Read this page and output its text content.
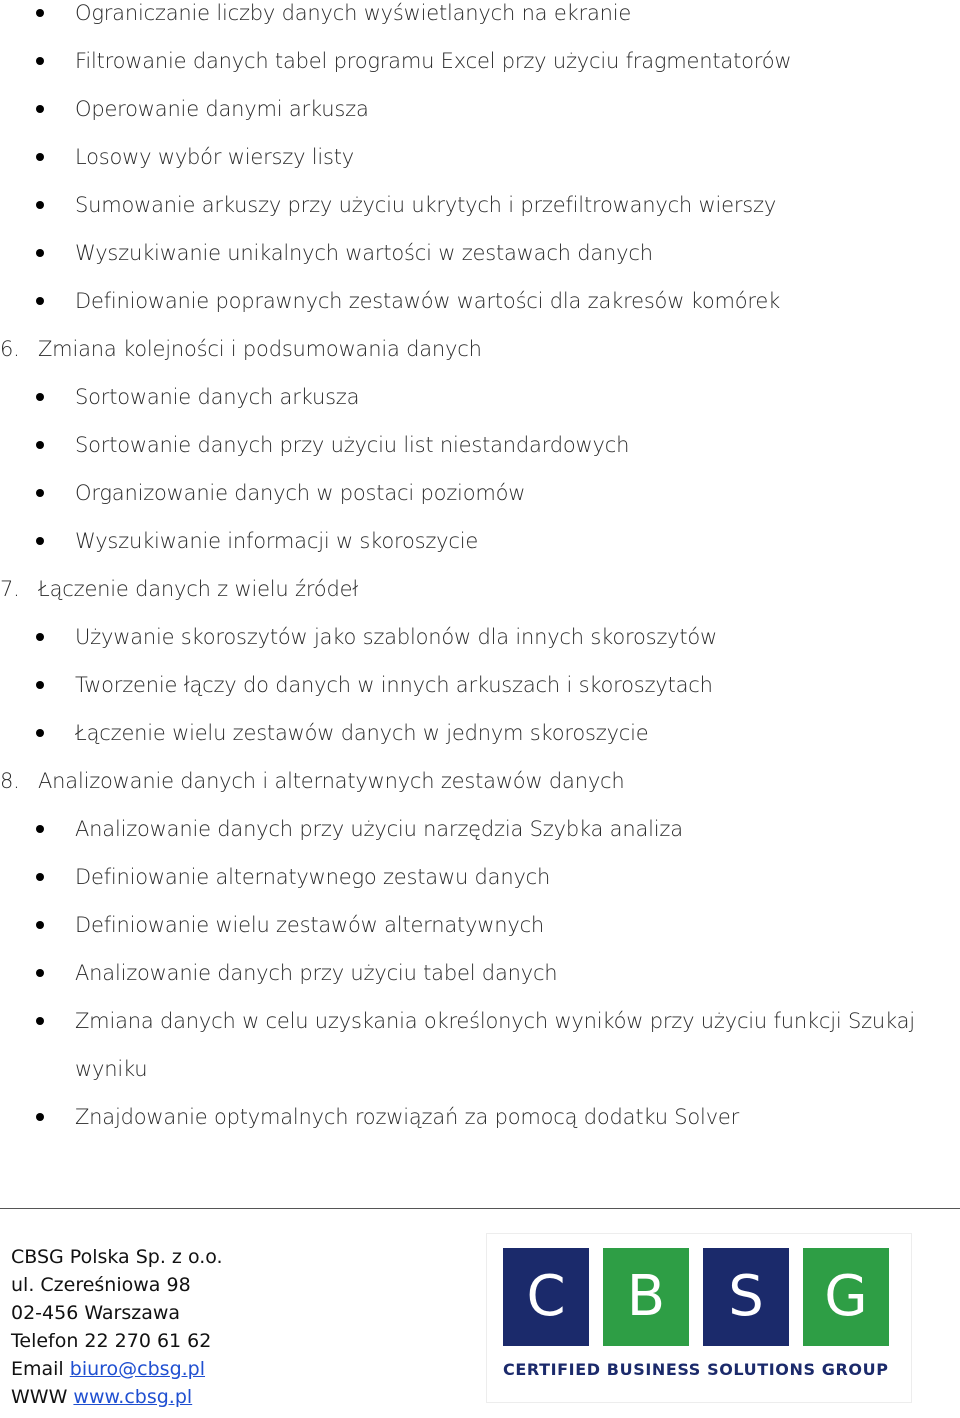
Ograniczanie liczby danych wyświetlanych na ekranie
Filtrowanie danych tabel programu Excel przy użyciu fragmentatorów
Operowanie danymi arkusza
Losowy wybór wierszy listy
Sumowanie arkuszy przy użyciu ukrytych i przefiltrowanych wierszy
Wyszukiwanie unikalnych wartości w zestawach danych
Definiowanie poprawnych zestawów wartości dla zakresów komórek
6. Zmiana kolejności i podsumowania danych
Sortowanie danych arkusza
Sortowanie danych przy użyciu list niestandardowych
Organizowanie danych w postaci poziomów
Wyszukiwanie informacji w skoroszycie
7. Łączenie danych z wielu źródeł
Używanie skoroszytów jako szablonów dla innych skoroszytów
Tworzenie łączy do danych w innych arkuszach i skoroszytach
Łączenie wielu zestawów danych w jednym skoroszycie
8. Analizowanie danych i alternatywnych zestawów danych
Analizowanie danych przy użyciu narzędzia Szybka analiza
Definiowanie alternatywnego zestawu danych
Definiowanie wielu zestawów alternatywnych
Analizowanie danych przy użyciu tabel danych
Zmiana danych w celu uzyskania określonych wyników przy użyciu funkcji Szukaj
wyniku
Znajdowanie optymalnych rozwiązań za pomocą dodatku Solver
CBSG Polska Sp. z o.o.
ul. Czereśniowa 98
02-456 Warszawa
Telefon 22 270 61 62
Email biuro@cbsg.pl
WWW www.cbsg.pl
C	B	S	G
CERTIFIED BUSINESS SOLUTIONS GROUP
